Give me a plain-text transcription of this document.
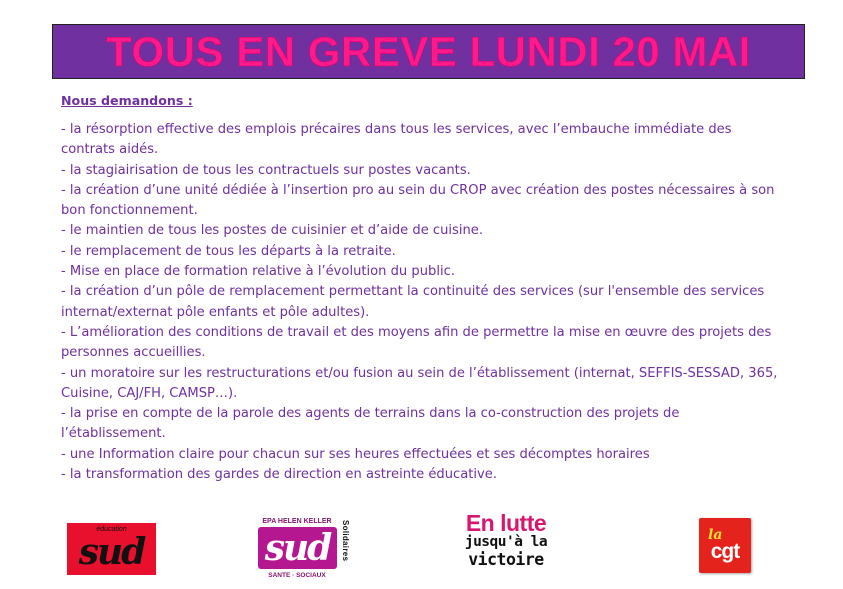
TOUS EN GREVE LUNDI 20 MAI
Nous demandons :
- la résorption effective des emplois précaires dans tous les services, avec l’embauche immédiate des
contrats aidés.
- la stagiairisation de tous les contractuels sur postes vacants.
- la création d’une unité dédiée à l’insertion pro au sein du CROP avec création des postes nécessaires à son
bon fonctionnement.
- le maintien de tous les postes de cuisinier et d’aide de cuisine.
- le remplacement de tous les départs à la retraite.
- Mise en place de formation relative à l’évolution du public.
- la création d’un pôle de remplacement permettant la continuité des services (sur l'ensemble des services
internat/externat pôle enfants et pôle adultes).
- L’amélioration des conditions de travail et des moyens afin de permettre la mise en œuvre des projets des
personnes accueillies.
- un moratoire sur les restructurations et/ou fusion au sein de l’établissement (internat, SEFFIS-SESSAD, 365,
Cuisine, CAJ/FH, CAMSP…).
- la prise en compte de la parole des agents de terrains dans la co-construction des projets de
l’établissement.
- une Information claire pour chacun sur ses heures effectuées et ses décomptes horaires
- la transformation des gardes de direction en astreinte éducative.
éducation
sud
EPA HELEN KELLER
sud
SANTE · SOCIAUX
Solidaires	En lutte
jusqu'à la
victoire
la
cgt
